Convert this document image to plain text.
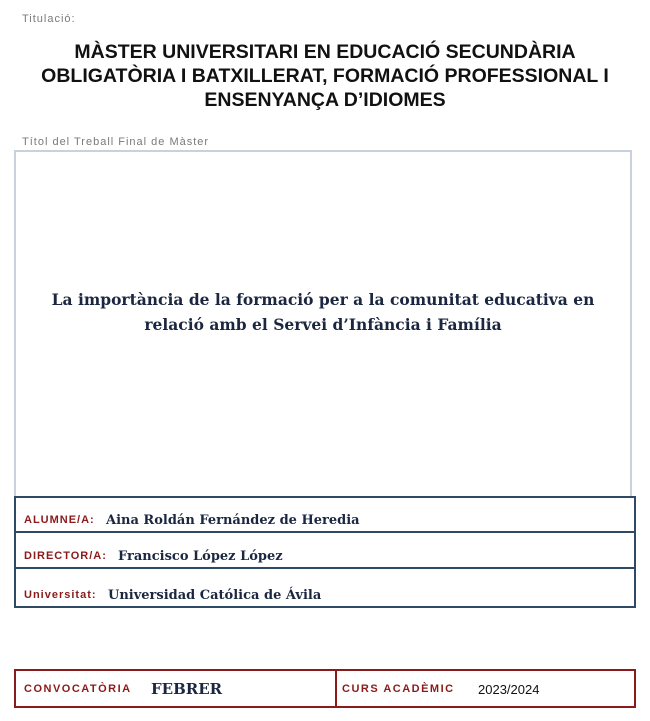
Titulació:
MÀSTER UNIVERSITARI EN EDUCACIÓ SECUNDÀRIA OBLIGATÒRIA I BATXILLERAT, FORMACIÓ PROFESSIONAL I ENSENYANÇA D’IDIOMES
Títol del Treball Final de Màster
La importància de la formació per a la comunitat educativa en relació amb el Servei d’Infància i Família
ALUMNE/A: Aina Roldán Fernández de Heredia
DIRECTOR/A: Francisco López López
Universitat: Universidad Católica de Ávila
CONVOCATÒRIA FEBRER	CURS ACADÈMIC 2023/2024
